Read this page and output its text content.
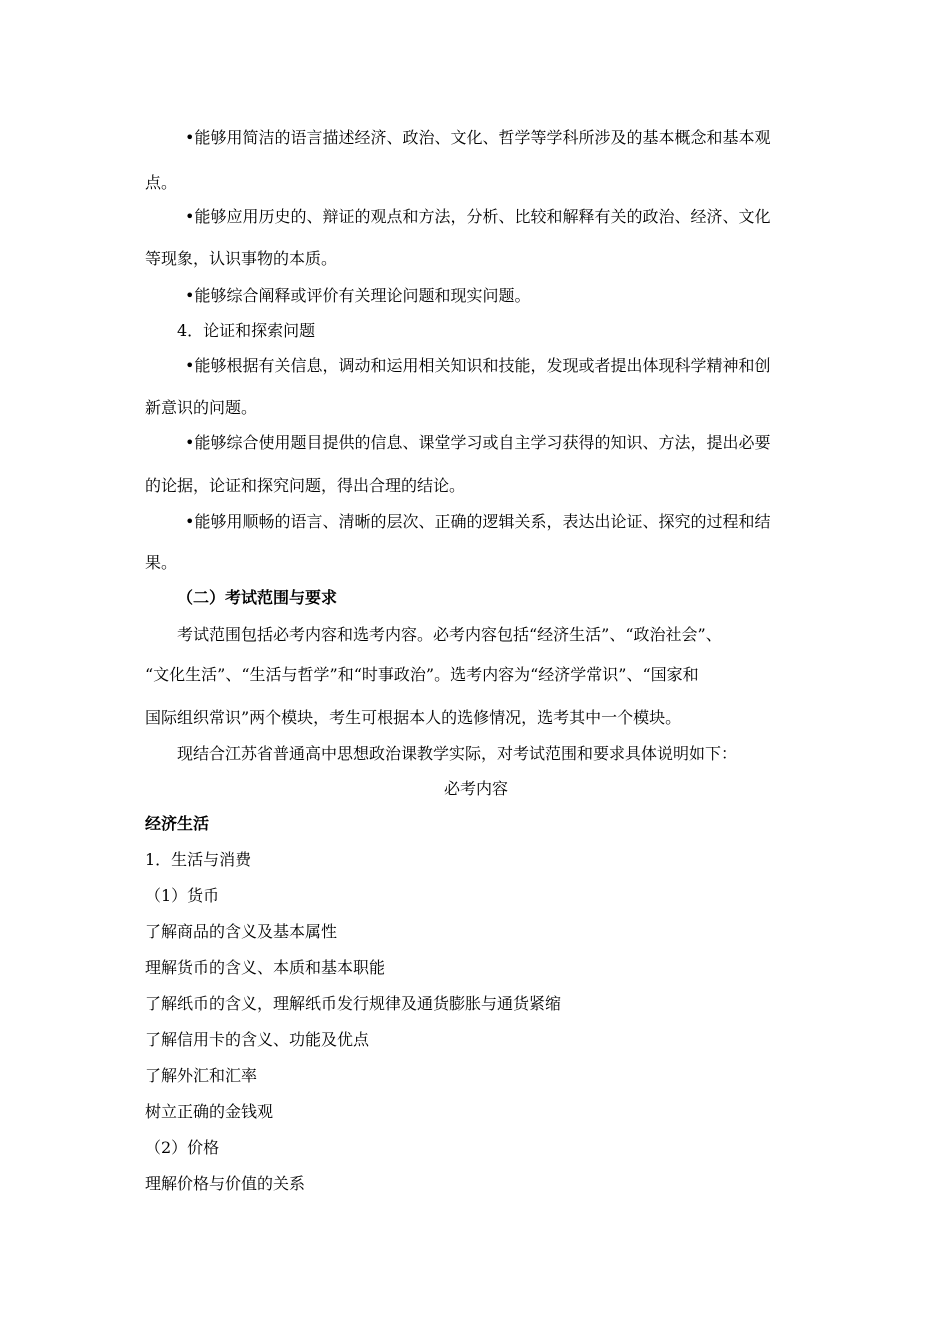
•能够用简洁的语言描述经济、政治、文化、哲学等学科所涉及的基本概念和基本观
点。
•能够应用历史的、辩证的观点和方法，分析、比较和解释有关的政治、经济、文化
等现象，认识事物的本质。
•能够综合阐释或评价有关理论问题和现实问题。
4．论证和探索问题
•能够根据有关信息，调动和运用相关知识和技能，发现或者提出体现科学精神和创
新意识的问题。
•能够综合使用题目提供的信息、课堂学习或自主学习获得的知识、方法，提出必要
的论据，论证和探究问题，得出合理的结论。
•能够用顺畅的语言、清晰的层次、正确的逻辑关系，表达出论证、探究的过程和结
果。
（二）考试范围与要求
考试范围包括必考内容和选考内容。必考内容包括“经济生活”、“政治社会”、
“文化生活”、“生活与哲学”和“时事政治”。选考内容为“经济学常识”、“国家和
国际组织常识”两个模块，考生可根据本人的选修情况，选考其中一个模块。
现结合江苏省普通高中思想政治课教学实际，对考试范围和要求具体说明如下：
必考内容
经济生活
1．生活与消费
（1）货币
了解商品的含义及基本属性
理解货币的含义、本质和基本职能
了解纸币的含义，理解纸币发行规律及通货膨胀与通货紧缩
了解信用卡的含义、功能及优点
了解外汇和汇率
树立正确的金钱观
（2）价格
理解价格与价值的关系
